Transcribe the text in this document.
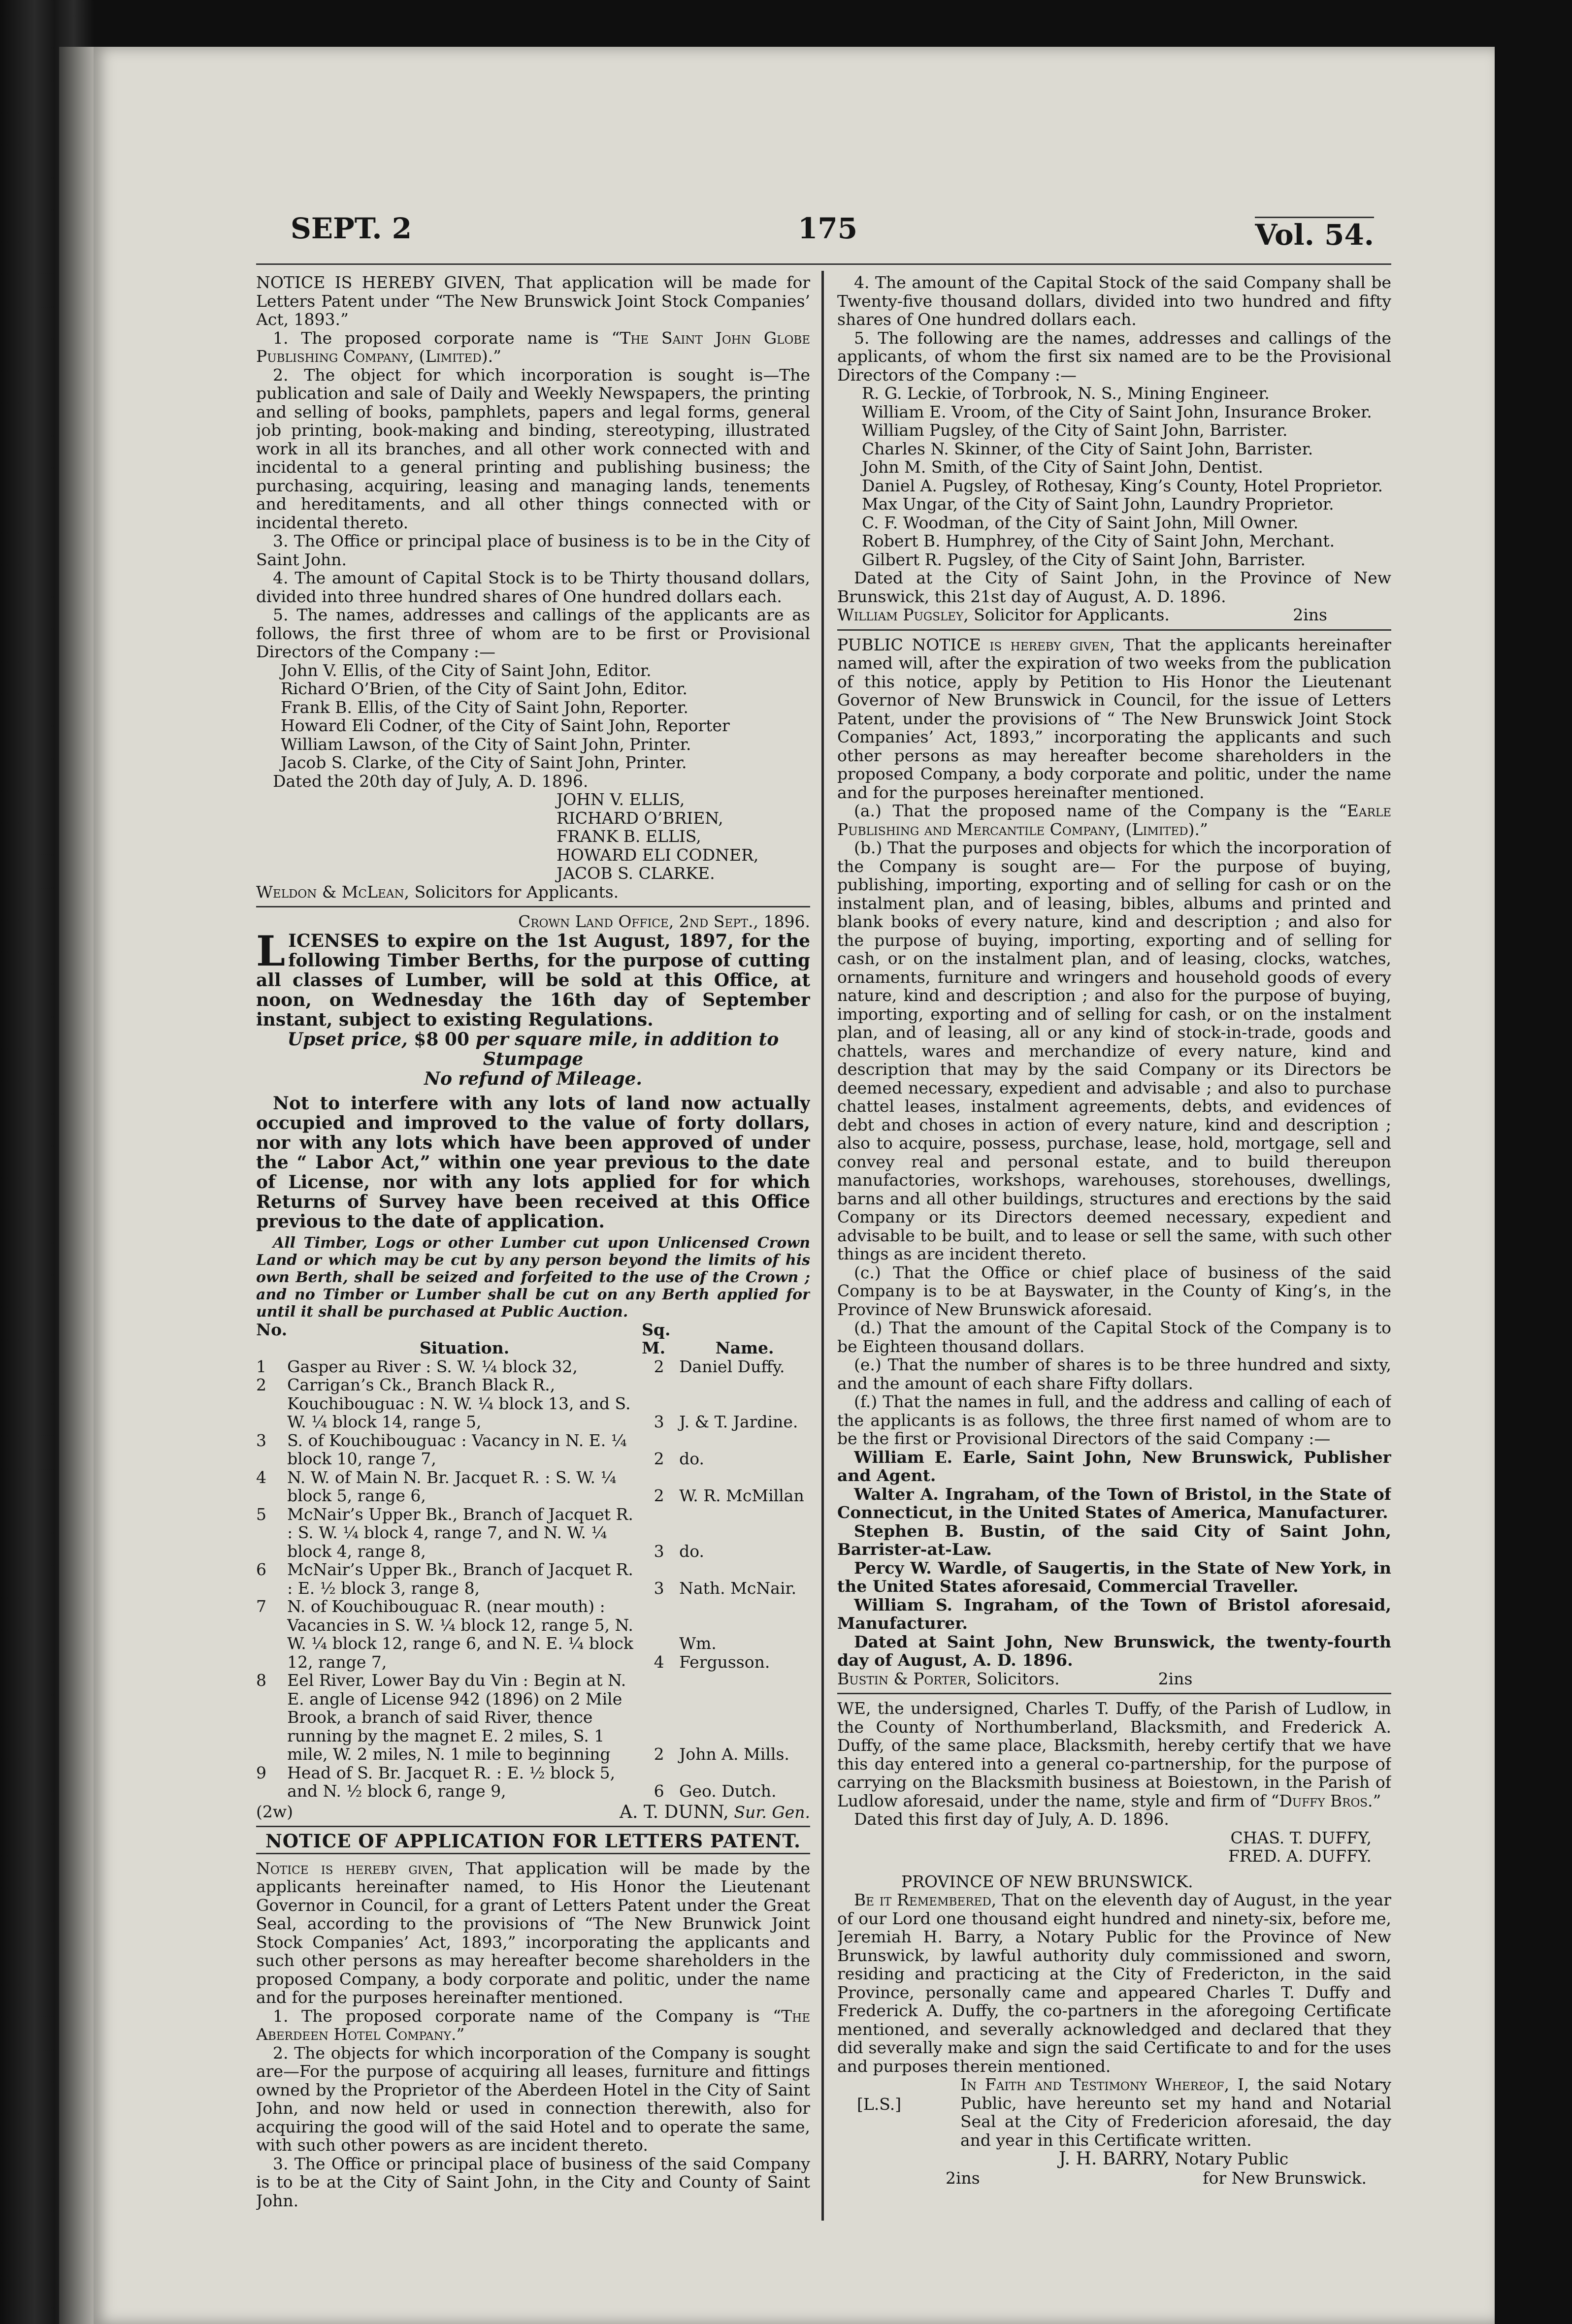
SEPT. 2	175	Vol. 54.

NOTICE IS HEREBY GIVEN, That application will be made for Letters Patent under “The New Brunswick Joint Stock Companies’ Act, 1893.”

1. The proposed corporate name is “The Saint John Globe Publishing Company, (Limited).”

2. The object for which incorporation is sought is—The publication and sale of Daily and Weekly Newspapers, the printing and selling of books, pamphlets, papers and legal forms, general job printing, book-making and binding, stereotyping, illustrated work in all its branches, and all other work connected with and incidental to a general printing and publishing business; the purchasing, acquiring, leasing and managing lands, tenements and hereditaments, and all other things connected with or incidental thereto.

3. The Office or principal place of business is to be in the City of Saint John.

4. The amount of Capital Stock is to be Thirty thousand dollars, divided into three hundred shares of One hundred dollars each.

5. The names, addresses and callings of the applicants are as follows, the first three of whom are to be first or Provisional Directors of the Company :—

John V. Ellis, of the City of Saint John, Editor.

Richard O’Brien, of the City of Saint John, Editor.

Frank B. Ellis, of the City of Saint John, Reporter.

Howard Eli Codner, of the City of Saint John, Reporter

William Lawson, of the City of Saint John, Printer.

Jacob S. Clarke, of the City of Saint John, Printer.

Dated the 20th day of July, A. D. 1896.

JOHN V. ELLIS,

RICHARD O’BRIEN,

FRANK B. ELLIS,

HOWARD ELI CODNER,

JACOB S. CLARKE.

Weldon & McLean, Solicitors for Applicants.

Crown Land Office, 2nd Sept., 1896.

LICENSES to expire on the 1st August, 1897, for the following Timber Berths, for the purpose of cutting all classes of Lumber, will be sold at this Office, at noon, on Wednesday the 16th day of September instant, subject to existing Regulations.

Upset price, $8 00 per square mile, in addition to Stumpage

No refund of Mileage.

Not to interfere with any lots of land now actually occupied and improved to the value of forty dollars, nor with any lots which have been approved of under the “ Labor Act,” within one year previous to the date of License, nor with any lots applied for for which Returns of Survey have been received at this Office previous to the date of application.

All Timber, Logs or other Lumber cut upon Unlicensed Crown Land or which may be cut by any person beyond the limits of his own Berth, shall be seized and forfeited to the use of the Crown ; and no Timber or Lumber shall be cut on any Berth applied for until it shall be purchased at Public Auction.

No.	Situation.	Sq. M.	Name.
1	Gasper au River : S. W. ¼ block 32,	2	Daniel Duffy.
2	Carrigan’s Ck., Branch Black R., Kouchibouguac : N. W. ¼ block 13, and S. W. ¼ block 14, range 5,	3	J. & T. Jardine.
3	S. of Kouchibouguac : Vacancy in N. E. ¼ block 10, range 7,	2	do.
4	N. W. of Main N. Br. Jacquet R. : S. W. ¼ block 5, range 6,	2	W. R. McMillan
5	McNair’s Upper Bk., Branch of Jacquet R. : S. W. ¼ block 4, range 7, and N. W. ¼ block 4, range 8,	3	do.
6	McNair’s Upper Bk., Branch of Jacquet R. : E. ½ block 3, range 8,	3	Nath. McNair.
7	N. of Kouchibouguac R. (near mouth) : Vacancies in S. W. ¼ block 12, range 5, N. W. ¼ block 12, range 6, and N. E. ¼ block 12, range 7,	4	Wm. Fergusson.
8	Eel River, Lower Bay du Vin : Begin at N. E. angle of License 942 (1896) on 2 Mile Brook, a branch of said River, thence running by the magnet E. 2 miles, S. 1 mile, W. 2 miles, N. 1 mile to beginning	2	John A. Mills.
9	Head of S. Br. Jacquet R. : E. ½ block 5, and N. ½ block 6, range 9,	6	Geo. Dutch.

(2w)	A. T. DUNN, Sur. Gen.

NOTICE OF APPLICATION FOR LETTERS PATENT.

Notice is hereby given, That application will be made by the applicants hereinafter named, to His Honor the Lieutenant Governor in Council, for a grant of Letters Patent under the Great Seal, according to the provisions of “The New Brunwick Joint Stock Companies’ Act, 1893,” incorporating the applicants and such other persons as may hereafter become shareholders in the proposed Company, a body corporate and politic, under the name and for the purposes hereinafter mentioned.

1. The proposed corporate name of the Company is “The Aberdeen Hotel Company.”

2. The objects for which incorporation of the Company is sought are—For the purpose of acquiring all leases, furniture and fittings owned by the Proprietor of the Aberdeen Hotel in the City of Saint John, and now held or used in connection therewith, also for acquiring the good will of the said Hotel and to operate the same, with such other powers as are incident thereto.

3. The Office or principal place of business of the said Company is to be at the City of Saint John, in the City and County of Saint John.

4. The amount of the Capital Stock of the said Company shall be Twenty-five thousand dollars, divided into two hundred and fifty shares of One hundred dollars each.

5. The following are the names, addresses and callings of the applicants, of whom the first six named are to be the Provisional Directors of the Company :—

R. G. Leckie, of Torbrook, N. S., Mining Engineer.

William E. Vroom, of the City of Saint John, Insurance Broker.

William Pugsley, of the City of Saint John, Barrister.

Charles N. Skinner, of the City of Saint John, Barrister.

John M. Smith, of the City of Saint John, Dentist.

Daniel A. Pugsley, of Rothesay, King’s County, Hotel Proprietor.

Max Ungar, of the City of Saint John, Laundry Proprietor.

C. F. Woodman, of the City of Saint John, Mill Owner.

Robert B. Humphrey, of the City of Saint John, Merchant.

Gilbert R. Pugsley, of the City of Saint John, Barrister.

Dated at the City of Saint John, in the Province of New Brunswick, this 21st day of August, A. D. 1896.

William Pugsley, Solicitor for Applicants.	2ins

PUBLIC NOTICE is hereby given, That the applicants hereinafter named will, after the expiration of two weeks from the publication of this notice, apply by Petition to His Honor the Lieutenant Governor of New Brunswick in Council, for the issue of Letters Patent, under the provisions of “ The New Brunswick Joint Stock Companies’ Act, 1893,” incorporating the applicants and such other persons as may hereafter become shareholders in the proposed Company, a body corporate and politic, under the name and for the purposes hereinafter mentioned.

(a.) That the proposed name of the Company is the “Earle Publishing and Mercantile Company, (Limited).”

(b.) That the purposes and objects for which the incorporation of the Company is sought are— For the purpose of buying, publishing, importing, exporting and of selling for cash or on the instalment plan, and of leasing, bibles, albums and printed and blank books of every nature, kind and description ; and also for the purpose of buying, importing, exporting and of selling for cash, or on the instalment plan, and of leasing, clocks, watches, ornaments, furniture and wringers and household goods of every nature, kind and description ; and also for the purpose of buying, importing, exporting and of selling for cash, or on the instalment plan, and of leasing, all or any kind of stock-in-trade, goods and chattels, wares and merchandize of every nature, kind and description that may by the said Company or its Directors be deemed necessary, expedient and advisable ; and also to purchase chattel leases, instalment agreements, debts, and evidences of debt and choses in action of every nature, kind and description ; also to acquire, possess, purchase, lease, hold, mortgage, sell and convey real and personal estate, and to build thereupon manufactories, workshops, warehouses, storehouses, dwellings, barns and all other buildings, structures and erections by the said Company or its Directors deemed necessary, expedient and advisable to be built, and to lease or sell the same, with such other things as are incident thereto.

(c.) That the Office or chief place of business of the said Company is to be at Bayswater, in the County of King’s, in the Province of New Brunswick aforesaid.

(d.) That the amount of the Capital Stock of the Company is to be Eighteen thousand dollars.

(e.) That the number of shares is to be three hundred and sixty, and the amount of each share Fifty dollars.

(f.) That the names in full, and the address and calling of each of the applicants is as follows, the three first named of whom are to be the first or Provisional Directors of the said Company :—

William E. Earle, Saint John, New Brunswick, Publisher and Agent.

Walter A. Ingraham, of the Town of Bristol, in the State of Connecticut, in the United States of America, Manufacturer.

Stephen B. Bustin, of the said City of Saint John, Barrister-at-Law.

Percy W. Wardle, of Saugertis, in the State of New York, in the United States aforesaid, Commercial Traveller.

William S. Ingraham, of the Town of Bristol aforesaid, Manufacturer.

Dated at Saint John, New Brunswick, the twenty-fourth day of August, A. D. 1896.

Bustin & Porter, Solicitors.	2ins

WE, the undersigned, Charles T. Duffy, of the Parish of Ludlow, in the County of Northumberland, Blacksmith, and Frederick A. Duffy, of the same place, Blacksmith, hereby certify that we have this day entered into a general co-partnership, for the purpose of carrying on the Blacksmith business at Boiestown, in the Parish of Ludlow aforesaid, under the name, style and firm of “Duffy Bros.”

Dated this first day of July, A. D. 1896.

CHAS. T. DUFFY,

FRED. A. DUFFY.

PROVINCE OF NEW BRUNSWICK.

Be it Remembered, That on the eleventh day of August, in the year of our Lord one thousand eight hundred and ninety-six, before me, Jeremiah H. Barry, a Notary Public for the Province of New Brunswick, by lawful authority duly commissioned and sworn, residing and practicing at the City of Fredericton, in the said Province, personally came and appeared Charles T. Duffy and Frederick A. Duffy, the co-partners in the aforegoing Certificate mentioned, and severally acknowledged and declared that they did severally make and sign the said Certificate to and for the uses and purposes therein mentioned.

In Faith and Testimony Whereof, I, the said Notary Public, have hereunto set my hand and Notarial Seal at the City of Fredericion aforesaid, the day and year in this Certificate written.

[L.S.]

J. H. BARRY, Notary Public

2ins	for New Brunswick.
